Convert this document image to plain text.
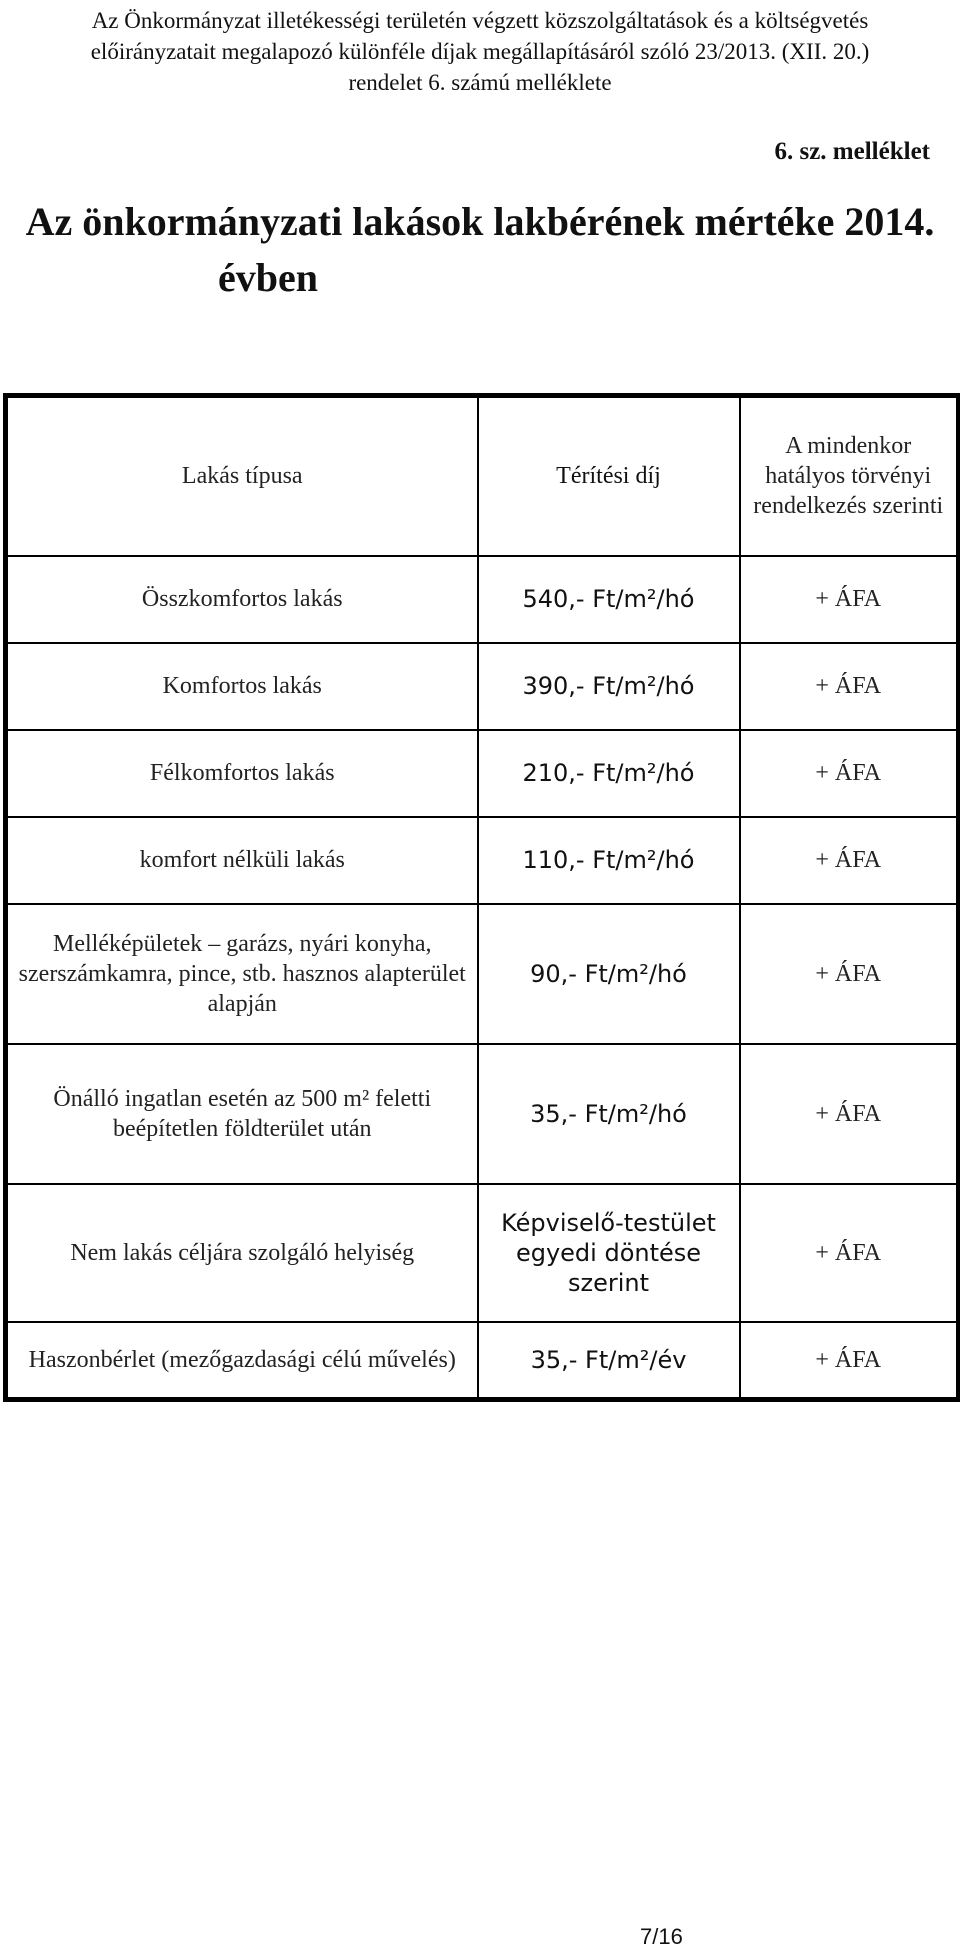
Az Önkormányzat illetékességi területén végzett közszolgáltatások és a költségvetés
előirányzatait megalapozó különféle díjak megállapításáról szóló 23/2013. (XII. 20.)
rendelet 6. számú melléklete
6. sz. melléklet
Az önkormányzati lakások lakbérének mértéke 2014.
évben
Lakás típusa	Térítési díj	A mindenkor hatályos törvényi rendelkezés szerinti
Összkomfortos lakás	540,- Ft/m²/hó	+ ÁFA
Komfortos lakás	390,- Ft/m²/hó	+ ÁFA
Félkomfortos lakás	210,- Ft/m²/hó	+ ÁFA
komfort nélküli lakás	110,- Ft/m²/hó	+ ÁFA
Melléképületek – garázs, nyári konyha, szerszámkamra, pince, stb. hasznos alapterület alapján	90,- Ft/m²/hó	+ ÁFA
Önálló ingatlan esetén az 500 m² feletti beépítetlen földterület után	35,- Ft/m²/hó	+ ÁFA
Nem lakás céljára szolgáló helyiség	Képviselő-testület egyedi döntése szerint	+ ÁFA
Haszonbérlet (mezőgazdasági célú művelés)	35,- Ft/m²/év	+ ÁFA
7/16
